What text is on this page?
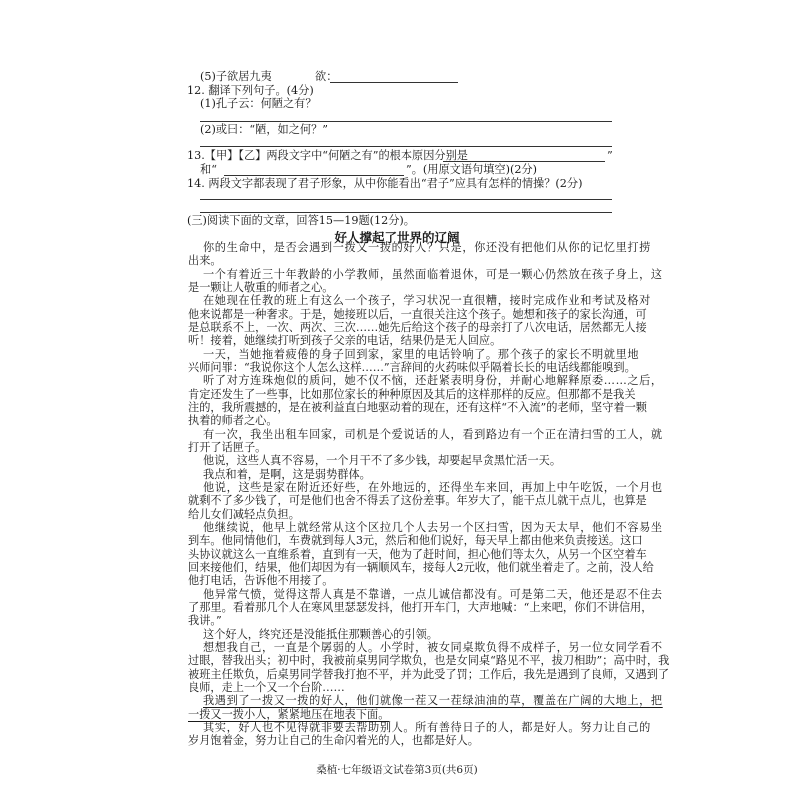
(5)子欲居九夷	欲：
12. 翻译下列句子。(4分)
(1)孔子云：何陋之有？
(2)或曰：“陋，如之何？”
13.【甲】【乙】两段文字中“何陋之有”的根本原因分别是	”
和“	”。(用原文语句填空)(2分)
14. 两段文字都表现了君子形象，从中你能看出“君子”应具有怎样的情操？(2分)
(三)阅读下面的文章，回答15—19题(12分)。
好人撑起了世界的辽阔
你的生命中，是否会遇到一拨又一拨的好人？只是，你还没有把他们从你的记忆里打捞
出来。
一个有着近三十年教龄的小学教师，虽然面临着退休，可是一颗心仍然放在孩子身上，这
是一颗让人敬重的师者之心。
在她现在任教的班上有这么一个孩子，学习状况一直很糟，接时完成作业和考试及格对
他来说都是一种奢求。于是，她接班以后，一直很关注这个孩子。她想和孩子的家长沟通，可
是总联系不上，一次、两次、三次……她先后给这个孩子的母亲打了八次电话，居然都无人接
听！接着，她继续打听到孩子父亲的电话，结果仍是无人回应。
一天，当她拖着疲倦的身子回到家，家里的电话铃响了。那个孩子的家长不明就里地
兴师问罪：“我说你这个人怎么这样……”言辞间的火药味似乎隔着长长的电话线都能嗅到。
听了对方连珠炮似的质问，她不仅不恼，还赶紧表明身份，并耐心地解释原委……之后，
肯定还发生了一些事，比如那位家长的种种原因及其后的这样那样的反应。但那都不是我关
注的，我所震撼的，是在被利益直白地驱动着的现在，还有这样“不入流”的老师，坚守着一颗
执着的师者之心。
有一次，我坐出租车回家，司机是个爱说话的人，看到路边有一个正在清扫雪的工人，就
打开了话匣子。
他说，这些人真不容易，一个月干不了多少钱，却要起早贪黑忙活一天。
我点和着，是啊，这是弱势群体。
他说，这些是家在附近还好些，在外地远的，还得坐车来回，再加上中午吃饭，一个月也
就剩不了多少钱了，可是他们也舍不得丢了这份差事。年岁大了，能干点儿就干点儿，也算是
给儿女们减轻点负担。
他继续说，他早上就经常从这个区拉几个人去另一个区扫雪，因为天太早，他们不容易坐
到车。他同情他们，车费就到每人3元，然后和他们说好，每天早上都由他来负责接送。这口
头协议就这么一直维系着，直到有一天，他为了赶时间，担心他们等太久，从另一个区空着车
回来接他们，结果，他们却因为有一辆顺风车，接每人2元收，他们就坐着走了。之前，没人给
他打电话，告诉他不用接了。
他异常气愤，觉得这帮人真是不靠谱，一点儿诚信都没有。可是第二天，他还是忍不住去
了那里。看着那几个人在寒风里瑟瑟发抖，他打开车门，大声地喊：“上来吧，你们不讲信用，
我讲。”
这个好人，终究还是没能抵住那颗善心的引领。
想想我自己，一直是个孱弱的人。小学时，被女同桌欺负得不成样子，另一位女同学看不
过眼，替我出头；初中时，我被前桌男同学欺负，也是女同桌“路见不平，拔刀相助”；高中时，我
被班主任欺负，后桌男同学替我打抱不平，并为此受了罚；工作后，我先是遇到了良师，又遇到了
良师，走上一个又一个台阶……
我遇到了一拨又一拨的好人，他们就像一茬又一茬绿油油的草，覆盖在广阔的大地上，把
一拨又一拨小人，紧紧地压在地表下面。
其实，好人也不见得就非要去帮助别人。所有善待日子的人，都是好人。努力让自己的
岁月饱着金，努力让自己的生命闪着光的人，也都是好人。
桑植·七年级语文试卷第3页(共6页)
